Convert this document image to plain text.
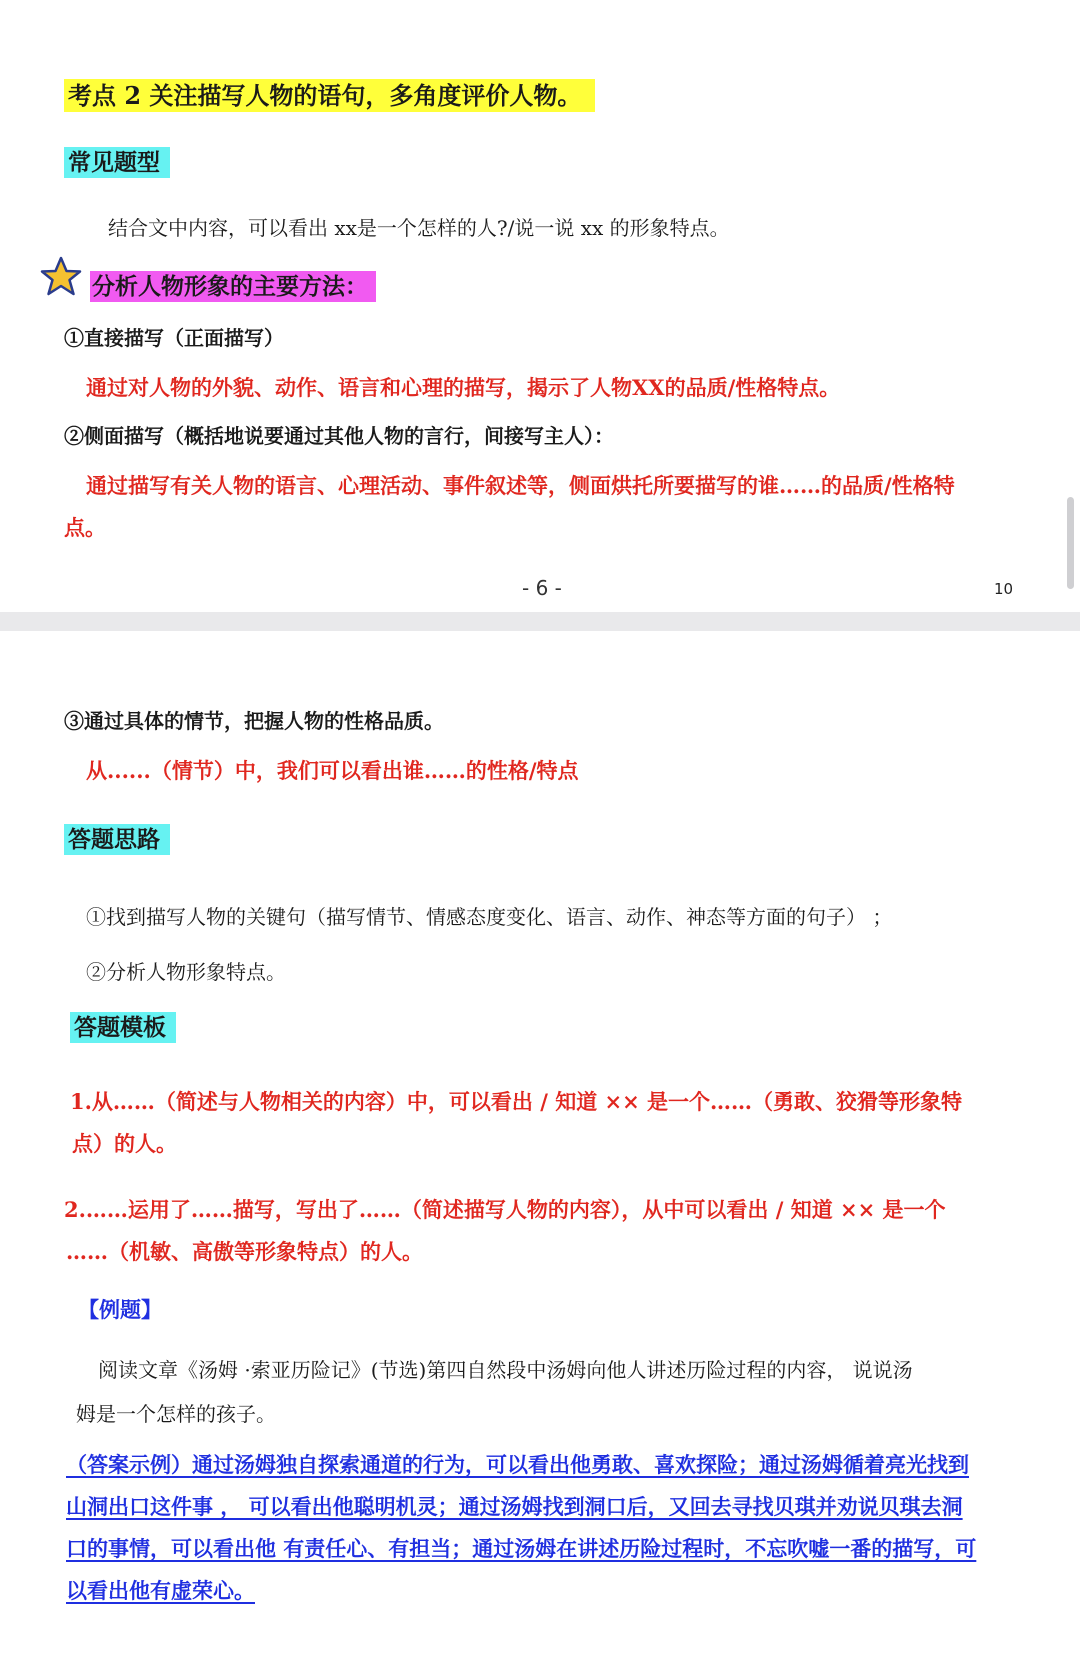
考点 2 关注描写人物的语句，多角度评价人物。
常见题型
结合文中内容，可以看出 xx是一个怎样的人?/说一说 xx 的形象特点。
分析人物形象的主要方法：
①直接描写（正面描写）
通过对人物的外貌、动作、语言和心理的描写，揭示了人物XX的品质/性格特点。
②侧面描写（概括地说要通过其他人物的言行，间接写主人）：
通过描写有关人物的语言、心理活动、事件叙述等，侧面烘托所要描写的谁……的品质/性格特
点。
- 6 -	10
③通过具体的情节，把握人物的性格品质。
从......（情节）中，我们可以看出谁……的性格/特点
答题思路
①找到描写人物的关键句（描写情节、情感态度变化、语言、动作、神态等方面的句子） ；
②分析人物形象特点。
答题模板
1.从……（简述与人物相关的内容）中，可以看出 / 知道 ×× 是一个……（勇敢、狡猾等形象特
点）的人。
2.……运用了……描写，写出了……（简述描写人物的内容），从中可以看出 / 知道 ×× 是一个
……（机敏、高傲等形象特点）的人。
【例题】
阅读文章《汤姆 ·索亚历险记》(节选)第四自然段中汤姆向他人讲述历险过程的内容， 说说汤
姆是一个怎样的孩子。
（答案示例）通过汤姆独自探索通道的行为，可以看出他勇敢、喜欢探险；通过汤姆循着亮光找到
山洞出口这件事 ， 可以看出他聪明机灵；通过汤姆找到洞口后，又回去寻找贝琪并劝说贝琪去洞
口的事情，可以看出他 有责任心、有担当；通过汤姆在讲述历险过程时，不忘吹嘘一番的描写，可
以看出他有虚荣心。
